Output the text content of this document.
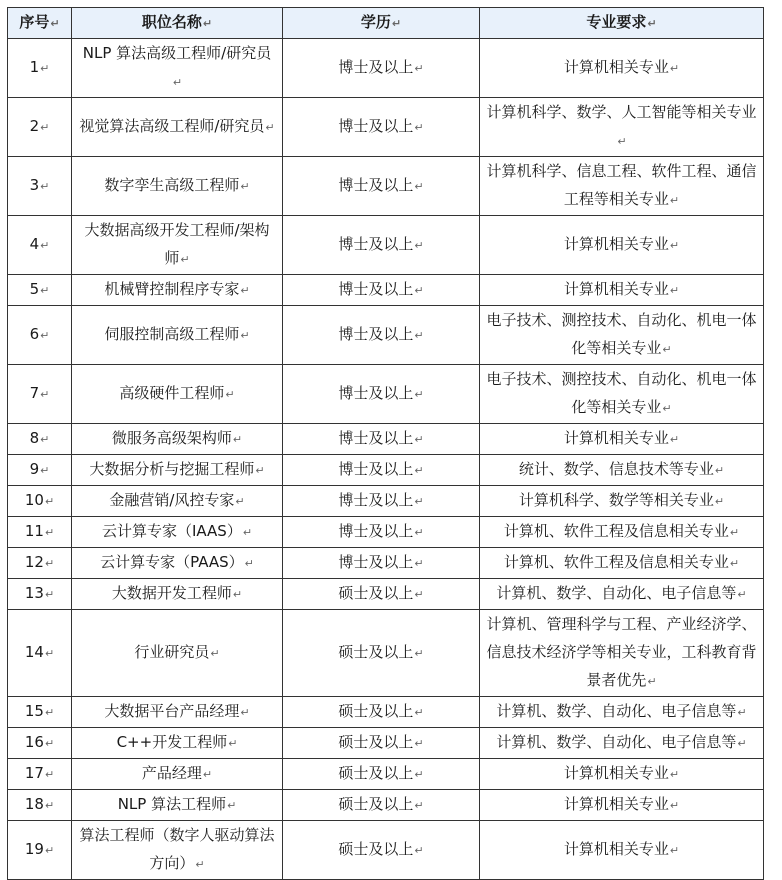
序号↵	职位名称↵	学历↵	专业要求↵
1↵	NLP 算法高级工程师/研究员↵	博士及以上↵	计算机相关专业↵
2↵	视觉算法高级工程师/研究员↵	博士及以上↵	计算机科学、数学、人工智能等相关专业↵
3↵	数字孪生高级工程师↵	博士及以上↵	计算机科学、信息工程、软件工程、通信工程等相关专业↵
4↵	大数据高级开发工程师/架构师↵	博士及以上↵	计算机相关专业↵
5↵	机械臂控制程序专家↵	博士及以上↵	计算机相关专业↵
6↵	伺服控制高级工程师↵	博士及以上↵	电子技术、测控技术、自动化、机电一体化等相关专业↵
7↵	高级硬件工程师↵	博士及以上↵	电子技术、测控技术、自动化、机电一体化等相关专业↵
8↵	微服务高级架构师↵	博士及以上↵	计算机相关专业↵
9↵	大数据分析与挖掘工程师↵	博士及以上↵	统计、数学、信息技术等专业↵
10↵	金融营销/风控专家↵	博士及以上↵	计算机科学、数学等相关专业↵
11↵	云计算专家（IAAS）↵	博士及以上↵	计算机、软件工程及信息相关专业↵
12↵	云计算专家（PAAS）↵	博士及以上↵	计算机、软件工程及信息相关专业↵
13↵	大数据开发工程师↵	硕士及以上↵	计算机、数学、自动化、电子信息等↵
14↵	行业研究员↵	硕士及以上↵	计算机、管理科学与工程、产业经济学、信息技术经济学等相关专业，工科教育背景者优先↵
15↵	大数据平台产品经理↵	硕士及以上↵	计算机、数学、自动化、电子信息等↵
16↵	C++开发工程师↵	硕士及以上↵	计算机、数学、自动化、电子信息等↵
17↵	产品经理↵	硕士及以上↵	计算机相关专业↵
18↵	NLP 算法工程师↵	硕士及以上↵	计算机相关专业↵
19↵	算法工程师（数字人驱动算法方向）↵	硕士及以上↵	计算机相关专业↵
